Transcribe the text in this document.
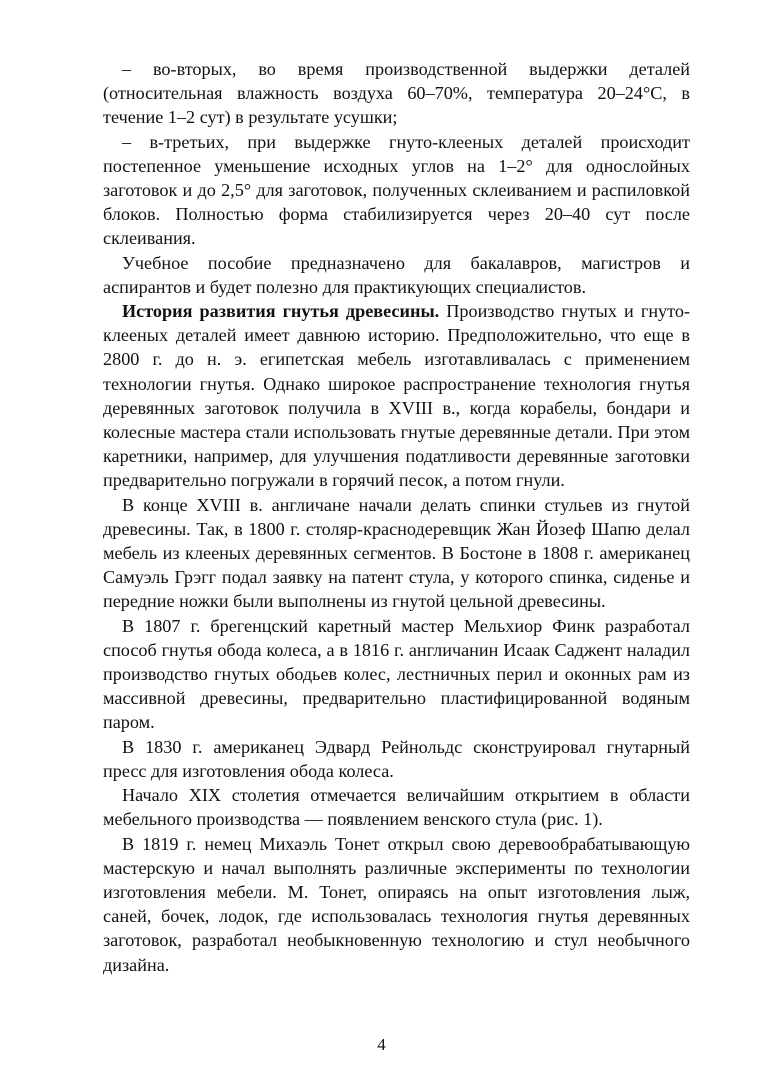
– во-вторых, во время производственной выдержки деталей (относительная влажность воздуха 60–70%, температура 20–24°С, в течение 1–2 сут) в результате усушки;

– в-третьих, при выдержке гнуто-клееных деталей происходит постепенное уменьшение исходных углов на 1–2° для однослойных заготовок и до 2,5° для заготовок, полученных склеиванием и распиловкой блоков. Полностью форма стабилизируется через 20–40 сут после склеивания.

Учебное пособие предназначено для бакалавров, магистров и аспирантов и будет полезно для практикующих специалистов.

История развития гнутья древесины. Производство гнутых и гнуто-клееных деталей имеет давнюю историю. Предположительно, что еще в 2800 г. до н. э. египетская мебель изготавливалась с применением технологии гнутья. Однако широкое распространение технология гнутья деревянных заготовок получила в XVIII в., когда корабелы, бондари и колесные мастера стали использовать гнутые деревянные детали. При этом каретники, например, для улучшения податливости деревянные заготовки предварительно погружали в горячий песок, а потом гнули.

В конце XVIII в. англичане начали делать спинки стульев из гнутой древесины. Так, в 1800 г. столяр-краснодеревщик Жан Йозеф Шапю делал мебель из клееных деревянных сегментов. В Бостоне в 1808 г. американец Самуэль Грэгг подал заявку на патент стула, у которого спинка, сиденье и передние ножки были выполнены из гнутой цельной древесины.

В 1807 г. брегенцский каретный мастер Мельхиор Финк разработал способ гнутья обода колеса, а в 1816 г. англичанин Исаак Саджент наладил производство гнутых ободьев колес, лестничных перил и оконных рам из массивной древесины, предварительно пластифицированной водяным паром.

В 1830 г. американец Эдвард Рейнольдс сконструировал гнутарный пресс для изготовления обода колеса.

Начало XIX столетия отмечается величайшим открытием в области мебельного производства — появлением венского стула (рис. 1).

В 1819 г. немец Михаэль Тонет открыл свою деревообрабатывающую мастерскую и начал выполнять различные эксперименты по технологии изготовления мебели. М. Тонет, опираясь на опыт изготовления лыж, саней, бочек, лодок, где использовалась технология гнутья деревянных заготовок, разработал необыкновенную технологию и стул необычного дизайна.

4
